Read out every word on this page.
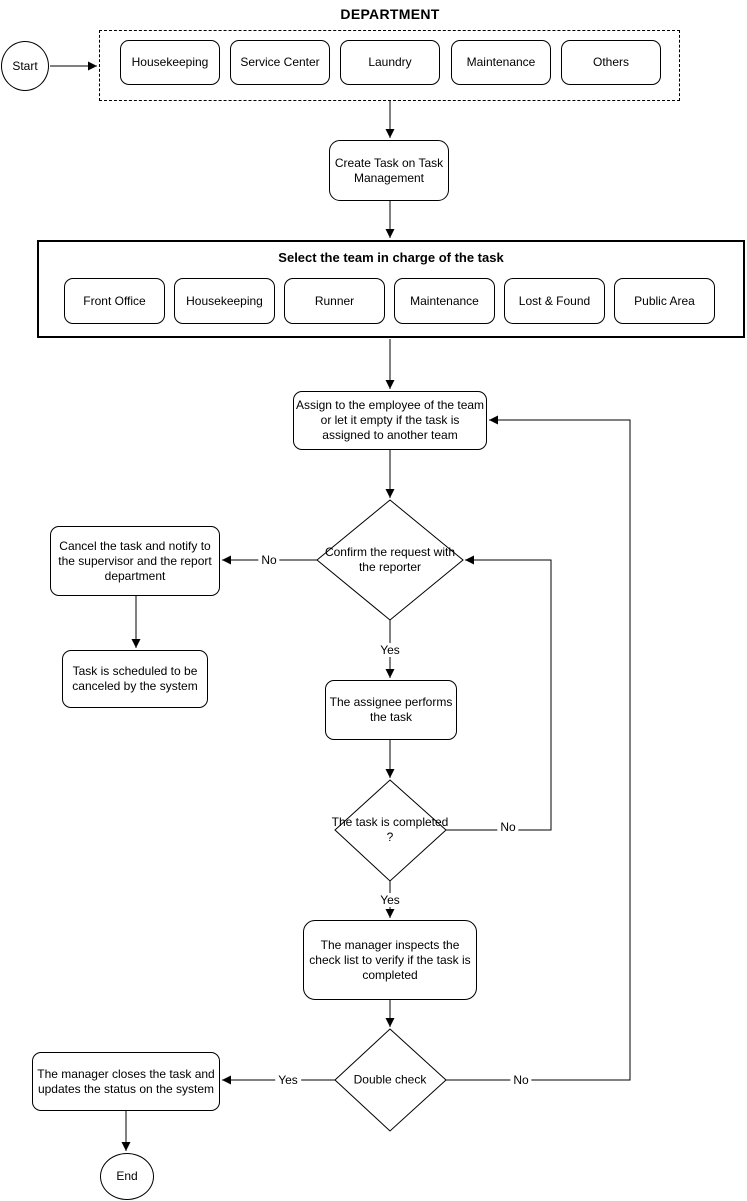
DEPARTMENT
Start	Housekeeping	Service Center	Laundry	Maintenance	Others
Create Task on Task Management
Select the team in charge of the task
Front Office	Housekeeping	Runner	Maintenance	Lost & Found	Public Area
Assign to the employee of the team or let it empty if the task is assigned to another team
Confirm the request with the reporter
The task is completed ?
Double check
Cancel the task and notify to the supervisor and the report department
Task is scheduled to be canceled by the system
The assignee performs the task
The manager inspects the check list to verify if the task is completed
The manager closes the task and updates the status on the system
End
No
Yes
No
Yes
Yes	No
